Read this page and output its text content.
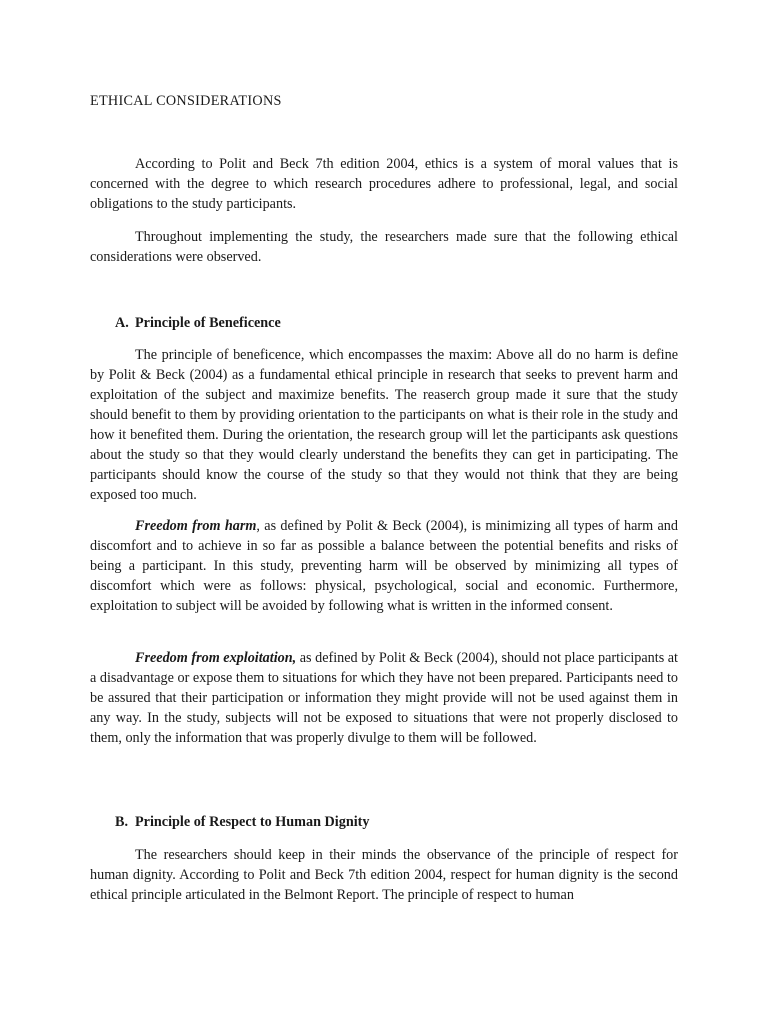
ETHICAL CONSIDERATIONS

According to Polit and Beck 7th edition 2004, ethics is a system of moral values that is concerned with the degree to which research procedures adhere to professional, legal, and social obligations to the study participants.

Throughout implementing the study, the researchers made sure that the following ethical considerations were observed.

A. Principle of Beneficence

The principle of beneficence, which encompasses the maxim: Above all do no harm is define by Polit & Beck (2004) as a fundamental ethical principle in research that seeks to prevent harm and exploitation of the subject and maximize benefits. The reaserch group made it sure that the study should benefit to them by providing orientation to the participants on what is their role in the study and how it benefited them. During the orientation, the research group will let the participants ask questions about the study so that they would clearly understand the benefits they can get in participating. The participants should know the course of the study so that they would not think that they are being exposed too much.

Freedom from harm, as defined by Polit & Beck (2004), is minimizing all types of harm and discomfort and to achieve in so far as possible a balance between the potential benefits and risks of being a participant. In this study, preventing harm will be observed by minimizing all types of discomfort which were as follows: physical, psychological, social and economic. Furthermore, exploitation to subject will be avoided by following what is written in the informed consent.

Freedom from exploitation, as defined by Polit & Beck (2004), should not place participants at a disadvantage or expose them to situations for which they have not been prepared. Participants need to be assured that their participation or information they might provide will not be used against them in any way. In the study, subjects will not be exposed to situations that were not properly disclosed to them, only the information that was properly divulge to them will be followed.

B. Principle of Respect to Human Dignity

The researchers should keep in their minds the observance of the principle of respect for human dignity. According to Polit and Beck 7th edition 2004, respect for human dignity is the second ethical principle articulated in the Belmont Report. The principle of respect to human
